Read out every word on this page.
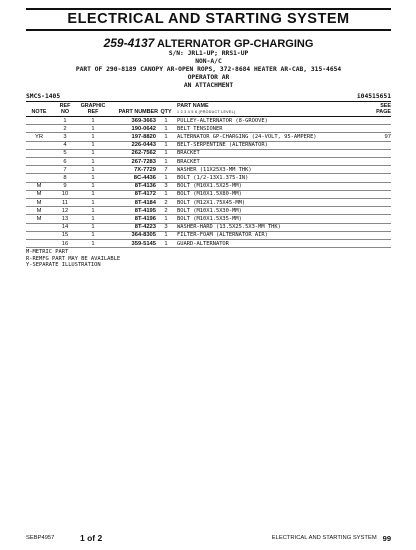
ELECTRICAL AND STARTING SYSTEM
259-4137 ALTERNATOR GP-CHARGING
S/N: JRL1-UP; RRS1-UP
NON-A/C
PART OF 290-8189 CANOPY AR-OPEN ROPS, 372-8684 HEATER AR-CAB, 315-4654
OPERATOR AR
AN ATTACHMENT
SMCS-1405	i04515651
NOTE	REF
NO	GRAPHIC
REF	PART NUMBER	QTY	PART NAME
1 2 3 4 5 6 (PRODUCT LEVEL)	SEE
PAGE
	1	1	369-3663	1	PULLEY-ALTERNATOR (8-GROOVE)	
	2	1	190-0642	1	BELT TENSIONER	
YR	3	1	197-8820	1	ALTERNATOR GP-CHARGING (24-VOLT, 95-AMPERE)	97
	4	1	226-0443	1	BELT-SERPENTINE (ALTERNATOR)	
	5	1	262-7562	1	BRACKET	
	6	1	267-7283	1	BRACKET	
	7	1	7X-7729	7	WASHER (11X25X3-MM THK)	
	8	1	8C-4436	1	BOLT (1/2-13X1.375-IN)	
M	9	1	8T-4136	3	BOLT (M10X1.5X25-MM)	
M	10	1	8T-4172	1	BOLT (M10X1.5X80-MM)	
M	11	1	8T-4184	2	BOLT (M12X1.75X45-MM)	
M	12	1	8T-4195	2	BOLT (M10X1.5X30-MM)	
M	13	1	8T-4196	1	BOLT (M10X1.5X35-MM)	
	14	1	8T-4223	3	WASHER-HARD (13.5X25.5X3-MM THK)	
	15	1	364-8305	1	FILTER-FOAM (ALTERNATOR AIR)	
	16	1	359-5145	1	GUARD-ALTERNATOR	
M-METRIC PART
R-REMFG PART MAY BE AVAILABLE
Y-SEPARATE ILLUSTRATION
SEBP4957	1 of 2	ELECTRICAL AND STARTING SYSTEM 99
